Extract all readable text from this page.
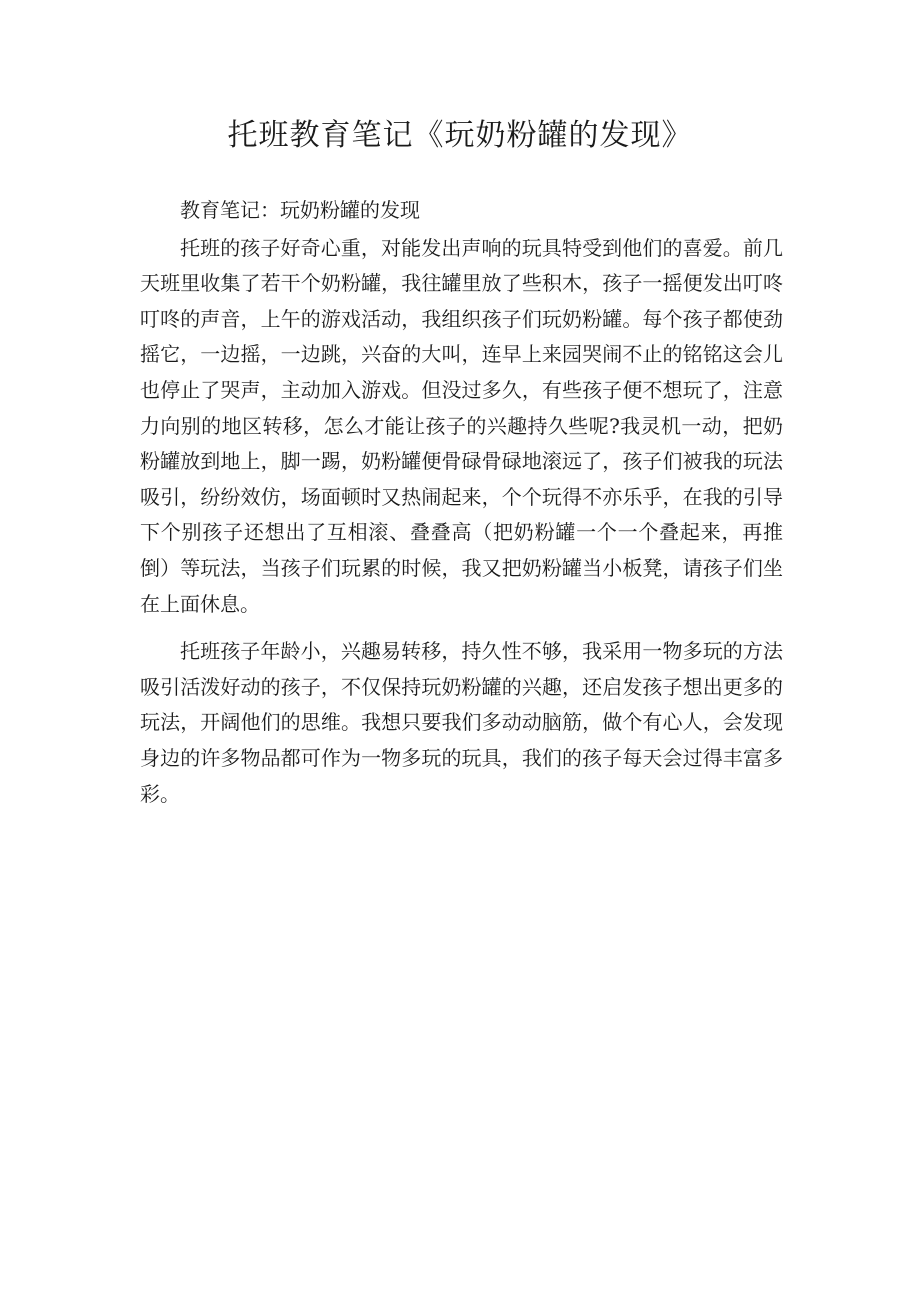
托班教育笔记《玩奶粉罐的发现》

教育笔记：玩奶粉罐的发现

托班的孩子好奇心重，对能发出声响的玩具特受到他们的喜爱。前几天班里收集了若干个奶粉罐，我往罐里放了些积木，孩子一摇便发出叮咚叮咚的声音，上午的游戏活动，我组织孩子们玩奶粉罐。每个孩子都使劲摇它，一边摇，一边跳，兴奋的大叫，连早上来园哭闹不止的铭铭这会儿也停止了哭声，主动加入游戏。但没过多久，有些孩子便不想玩了，注意力向别的地区转移，怎么才能让孩子的兴趣持久些呢?我灵机一动，把奶粉罐放到地上，脚一踢，奶粉罐便骨碌骨碌地滚远了，孩子们被我的玩法吸引，纷纷效仿，场面顿时又热闹起来，个个玩得不亦乐乎，在我的引导下个别孩子还想出了互相滚、叠叠高（把奶粉罐一个一个叠起来，再推倒）等玩法，当孩子们玩累的时候，我又把奶粉罐当小板凳，请孩子们坐在上面休息。

托班孩子年龄小，兴趣易转移，持久性不够，我采用一物多玩的方法吸引活泼好动的孩子，不仅保持玩奶粉罐的兴趣，还启发孩子想出更多的玩法，开阔他们的思维。我想只要我们多动动脑筋，做个有心人，会发现身边的许多物品都可作为一物多玩的玩具，我们的孩子每天会过得丰富多彩。
